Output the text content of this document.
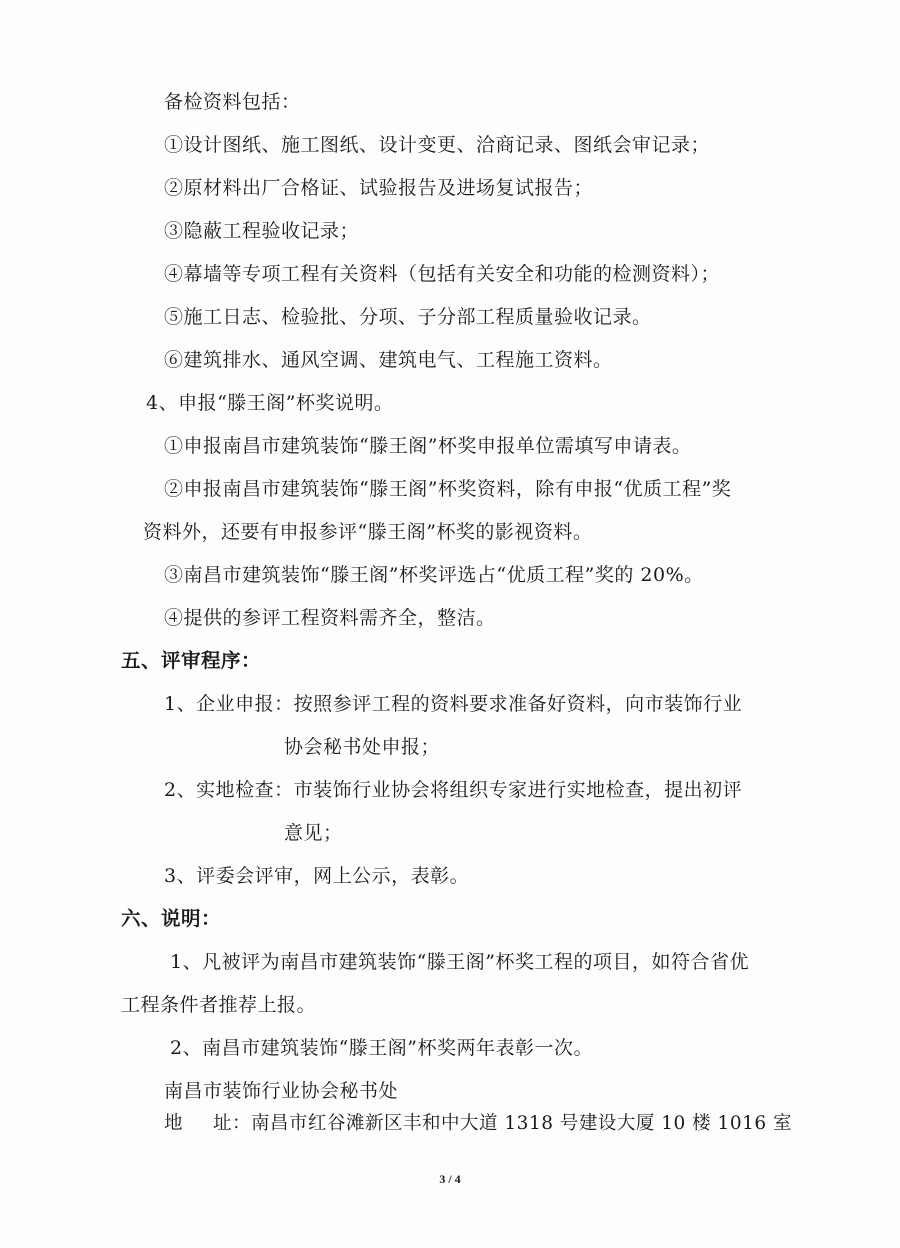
备检资料包括：
①设计图纸、施工图纸、设计变更、洽商记录、图纸会审记录；
②原材料出厂合格证、试验报告及进场复试报告；
③隐蔽工程验收记录；
④幕墙等专项工程有关资料（包括有关安全和功能的检测资料）；
⑤施工日志、检验批、分项、子分部工程质量验收记录。
⑥建筑排水、通风空调、建筑电气、工程施工资料。
4、申报“滕王阁”杯奖说明。
①申报南昌市建筑装饰“滕王阁”杯奖申报单位需填写申请表。
②申报南昌市建筑装饰“滕王阁”杯奖资料，除有申报“优质工程”奖
资料外，还要有申报参评“滕王阁”杯奖的影视资料。
③南昌市建筑装饰“滕王阁”杯奖评选占“优质工程”奖的 20%。
④提供的参评工程资料需齐全，整洁。
五、评审程序：
1、企业申报：按照参评工程的资料要求准备好资料，向市装饰行业
协会秘书处申报；
2、实地检查：市装饰行业协会将组织专家进行实地检查，提出初评
意见；
3、评委会评审，网上公示，表彰。
六、说明：
1、凡被评为南昌市建筑装饰“滕王阁”杯奖工程的项目，如符合省优
工程条件者推荐上报。
2、南昌市建筑装饰“滕王阁”杯奖两年表彰一次。
南昌市装饰行业协会秘书处
地 址：南昌市红谷滩新区丰和中大道 1318 号建设大厦 10 楼 1016 室
3 / 4
